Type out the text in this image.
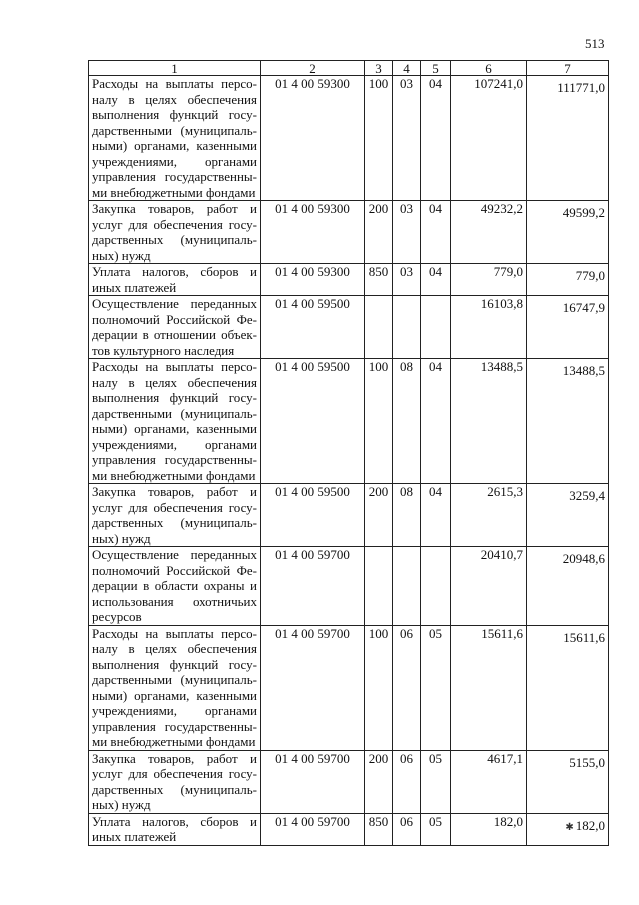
513
1	2	3	4	5	6	7
Расходы на выплаты персо-налу в целях обеспечения выполнения функций госу-дарственными (муниципаль-ными) органами, казенными учреждениями, органами управления государственны-ми внебюджетными фондами	01 4 00 59300	100	03	04	107241,0	111771,0
Закупка товаров, работ и услуг для обеспечения госу-дарственных (муниципаль-ных) нужд	01 4 00 59300	200	03	04	49232,2	49599,2
Уплата налогов, сборов и иных платежей	01 4 00 59300	850	03	04	779,0	779,0
Осуществление переданных полномочий Российской Фе-дерации в отношении объек-тов культурного наследия	01 4 00 59500				16103,8	16747,9
Расходы на выплаты персо-налу в целях обеспечения выполнения функций госу-дарственными (муниципаль-ными) органами, казенными учреждениями, органами управления государственны-ми внебюджетными фондами	01 4 00 59500	100	08	04	13488,5	13488,5
Закупка товаров, работ и услуг для обеспечения госу-дарственных (муниципаль-ных) нужд	01 4 00 59500	200	08	04	2615,3	3259,4
Осуществление переданных полномочий Российской Фе-дерации в области охраны и использования охотничьих ресурсов	01 4 00 59700				20410,7	20948,6
Расходы на выплаты персо-налу в целях обеспечения выполнения функций госу-дарственными (муниципаль-ными) органами, казенными учреждениями, органами управления государственны-ми внебюджетными фондами	01 4 00 59700	100	06	05	15611,6	15611,6
Закупка товаров, работ и услуг для обеспечения госу-дарственных (муниципаль-ных) нужд	01 4 00 59700	200	06	05	4617,1	5155,0
Уплата налогов, сборов и иных платежей	01 4 00 59700	850	06	05	182,0	✱ 182,0
